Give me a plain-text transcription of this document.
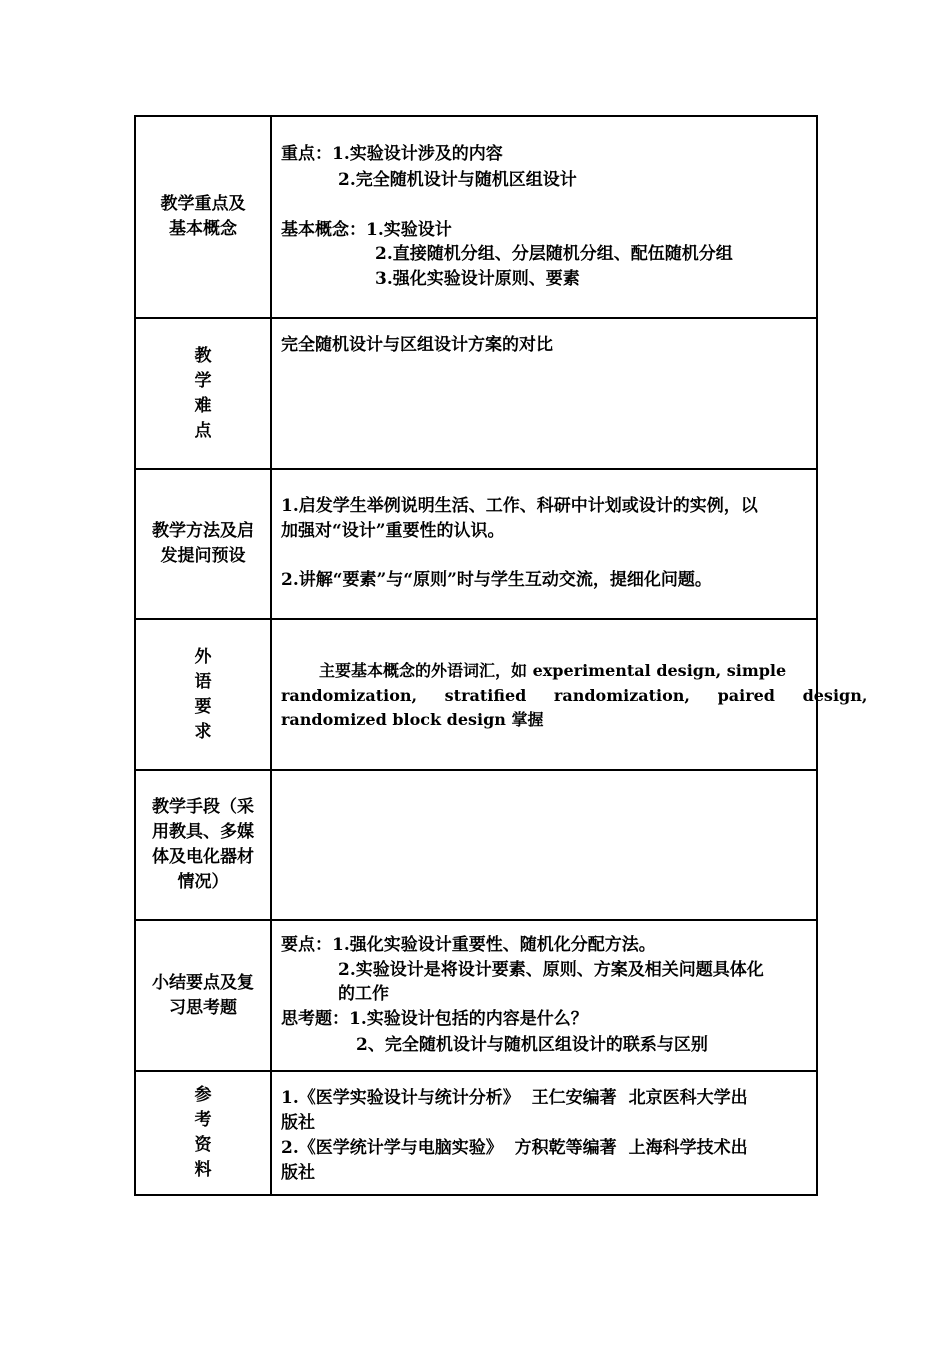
教学重点及
基本概念
重点：1.实验设计涉及的内容
2.完全随机设计与随机区组设计
基本概念：1.实验设计
2.直接随机分组、分层随机分组、配伍随机分组
3.强化实验设计原则、要素
教
学
难
点
完全随机设计与区组设计方案的对比
教学方法及启
发提问预设
1.启发学生举例说明生活、工作、科研中计划或设计的实例，以
加强对“设计”重要性的认识。
2.讲解“要素”与“原则”时与学生互动交流，提细化问题。
外
语
要
求
主要基本概念的外语词汇，如 experimental design, simple
randomization, stratified randomization, paired design,
randomized block design 掌握
教学手段（采
用教具、多媒
体及电化器材
情况）
小结要点及复
习思考题
要点：1.强化实验设计重要性、随机化分配方法。
2.实验设计是将设计要素、原则、方案及相关问题具体化
的工作
思考题：1.实验设计包括的内容是什么？
2、完全随机设计与随机区组设计的联系与区别
参
考
资
料
1.《医学实验设计与统计分析》 王仁安编著 北京医科大学出
版社
2.《医学统计学与电脑实验》 方积乾等编著 上海科学技术出
版社
